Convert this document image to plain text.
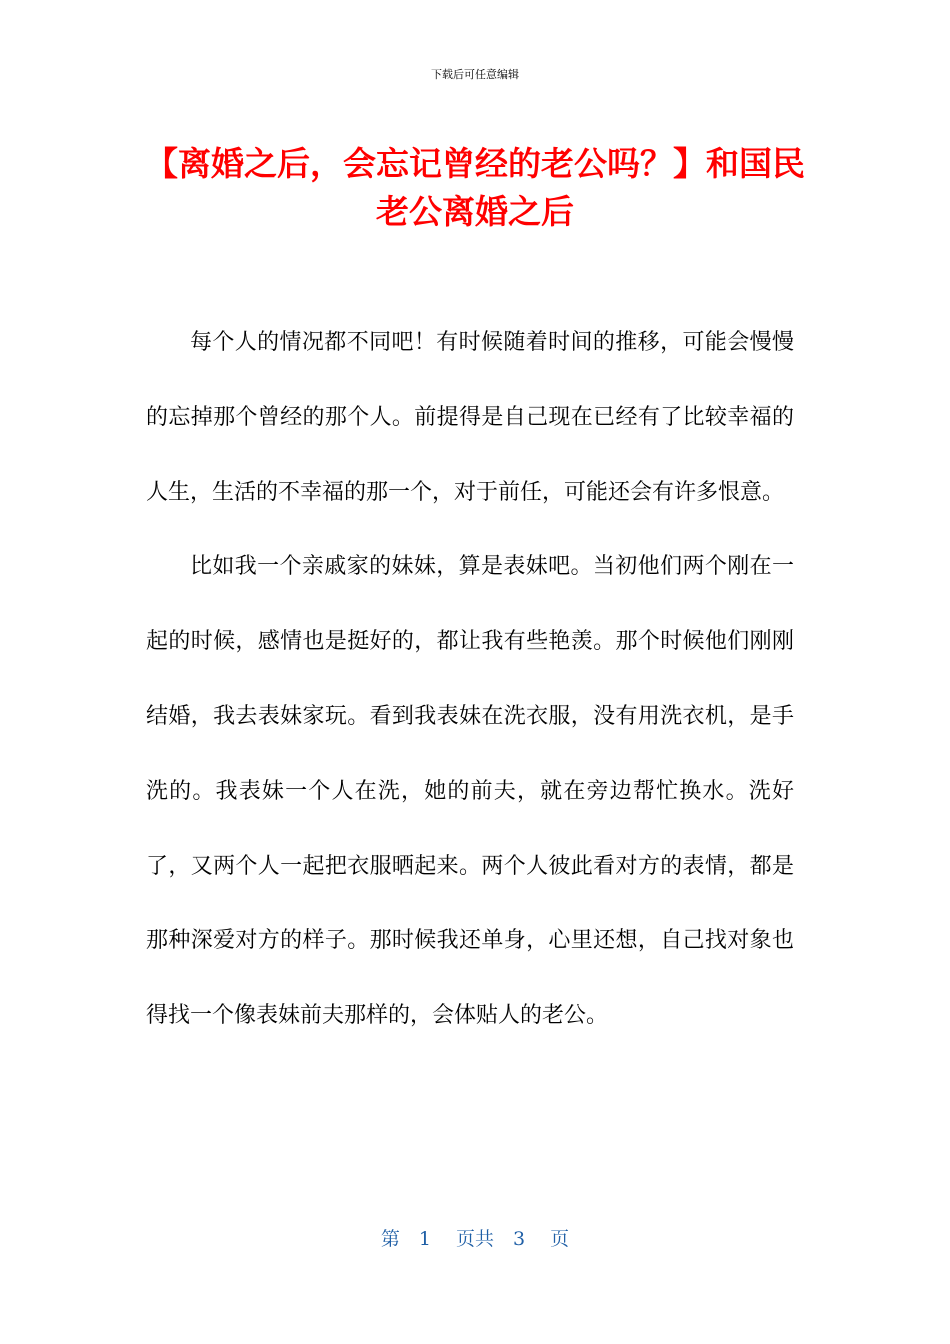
下载后可任意编辑
【离婚之后，会忘记曾经的老公吗？】和国民老公离婚之后

每个人的情况都不同吧！有时候随着时间的推移，可能会慢慢的忘掉那个曾经的那个人。前提得是自己现在已经有了比较幸福的人生，生活的不幸福的那一个，对于前任，可能还会有许多恨意。

比如我一个亲戚家的妹妹，算是表妹吧。当初他们两个刚在一起的时候，感情也是挺好的，都让我有些艳羡。那个时候他们刚刚结婚，我去表妹家玩。看到我表妹在洗衣服，没有用洗衣机，是手洗的。我表妹一个人在洗，她的前夫，就在旁边帮忙换水。洗好了，又两个人一起把衣服晒起来。两个人彼此看对方的表情，都是那种深爱对方的样子。那时候我还单身，心里还想，自己找对象也得找一个像表妹前夫那样的，会体贴人的老公。

第　1　 页共　3　 页
